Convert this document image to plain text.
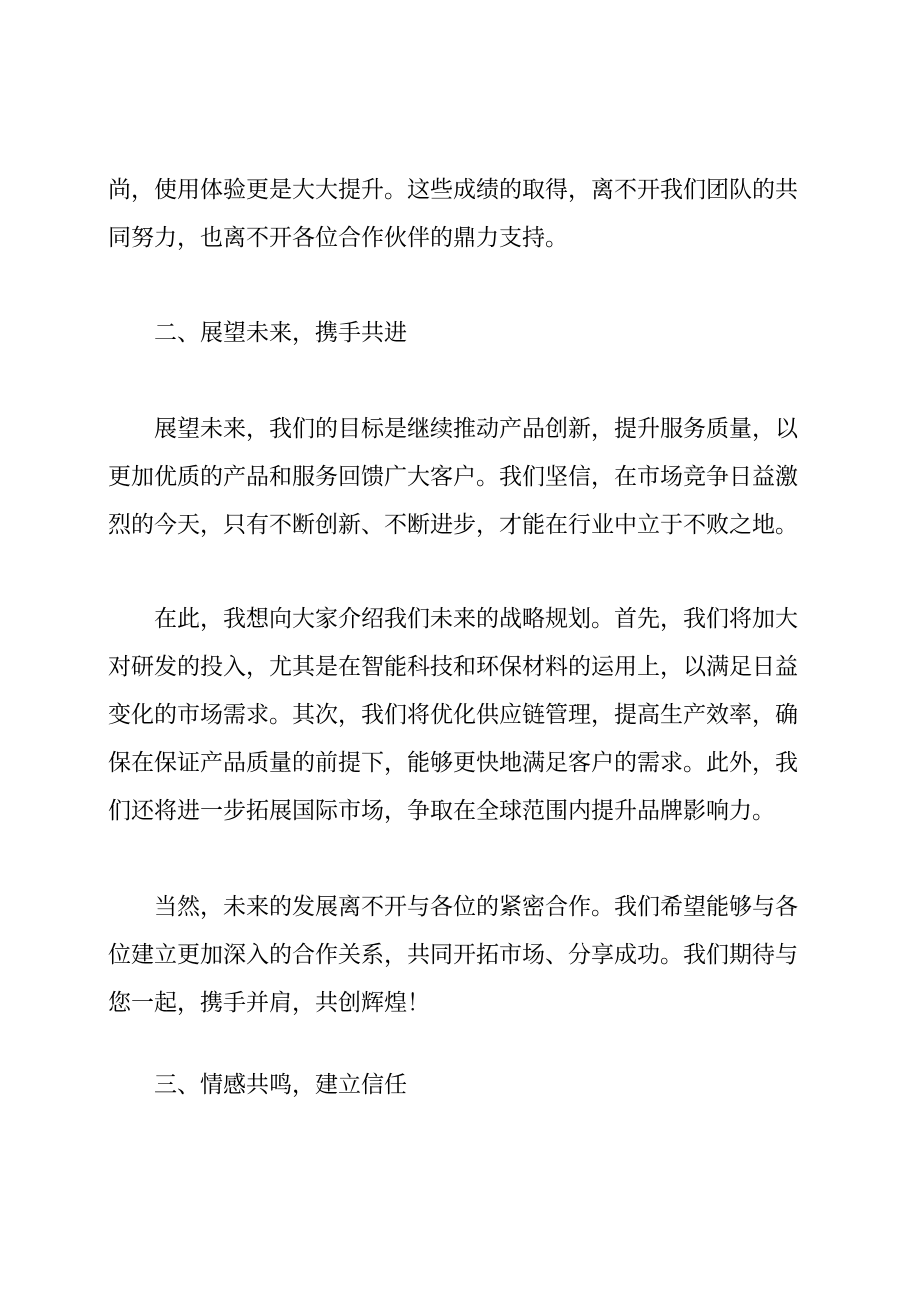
尚，使用体验更是大大提升。这些成绩的取得，离不开我们团队的共

同努力，也离不开各位合作伙伴的鼎力支持。

二、展望未来，携手共进

展望未来，我们的目标是继续推动产品创新，提升服务质量，以

更加优质的产品和服务回馈广大客户。我们坚信，在市场竞争日益激

烈的今天，只有不断创新、不断进步，才能在行业中立于不败之地。

在此，我想向大家介绍我们未来的战略规划。首先，我们将加大

对研发的投入，尤其是在智能科技和环保材料的运用上，以满足日益

变化的市场需求。其次，我们将优化供应链管理，提高生产效率，确

保在保证产品质量的前提下，能够更快地满足客户的需求。此外，我

们还将进一步拓展国际市场，争取在全球范围内提升品牌影响力。

当然，未来的发展离不开与各位的紧密合作。我们希望能够与各

位建立更加深入的合作关系，共同开拓市场、分享成功。我们期待与

您一起，携手并肩，共创辉煌！

三、情感共鸣，建立信任
